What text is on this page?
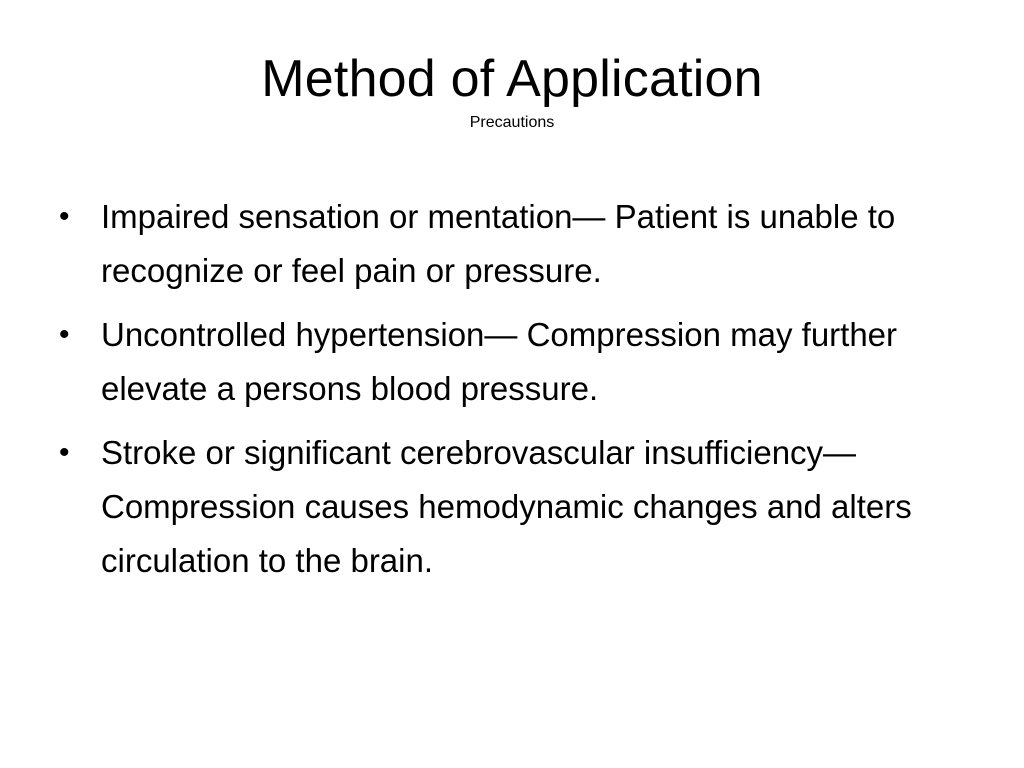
Method of Application
Precautions
• Impaired sensation or mentation— Patient is unable to recognize or feel pain or pressure.
• Uncontrolled hypertension— Compression may further elevate a persons blood pressure.
• Stroke or significant cerebrovascular insufficiency— Compression causes hemodynamic changes and alters circulation to the brain.
